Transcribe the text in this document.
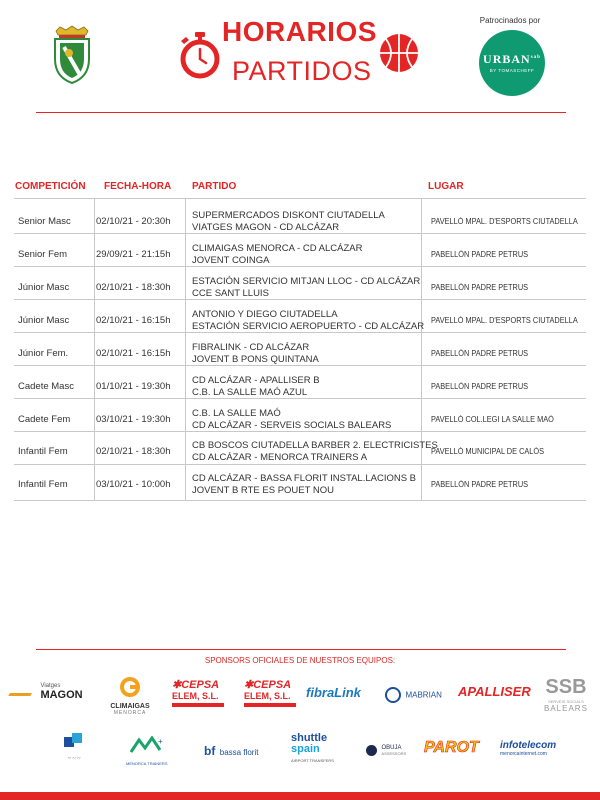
HORARIOS
PARTIDOS
Patrocinados por
$URBAN^{sab}$
BY TOMASCHEFF
COMPETICIÓN FECHA-HORA PARTIDO	LUGAR
Senior Masc	02/10/21 - 20:30h
SUPERMERCADOS DISKONT CIUTADELLA
VIATGES MAGON - CD ALCÁZAR
PAVELLÓ MPAL. D'ESPORTS CIUTADELLA
Senior Fem	29/09/21 - 21:15h
CLIMAIGAS MENORCA - CD ALCÁZAR
JOVENT COINGA
PABELLÓN PADRE PETRUS
Júnior Masc	02/10/21 - 18:30h
ESTACIÓN SERVICIO MITJAN LLOC - CD ALCÁZAR
CCE SANT LLUIS
PABELLÓN PADRE PETRUS
Júnior Masc	02/10/21 - 16:15h
ANTONIO Y DIEGO CIUTADELLA
ESTACIÓN SERVICIO AEROPUERTO - CD ALCÁZAR
PAVELLÓ MPAL. D'ESPORTS CIUTADELLA
Júnior Fem.	02/10/21 - 16:15h
FIBRALINK - CD ALCÁZAR
JOVENT B PONS QUINTANA
PABELLÓN PADRE PETRUS
Cadete Masc 01/10/21 - 19:30h
CD ALCÁZAR - APALLISER B
C.B. LA SALLE MAÓ AZUL
PABELLÓN PADRE PETRUS
Cadete Fem	03/10/21 - 19:30h
C.B. LA SALLE MAÓ
CD ALCÁZAR - SERVEIS SOCIALS BALEARS
PAVELLÓ COL.LEGI LA SALLE MAÓ
Infantil Fem	02/10/21 - 18:30h
CB BOSCOS CIUTADELLA BARBER 2. ELECTRICISTES
CD ALCÁZAR - MENORCA TRAINERS A
PAVELLÓ MUNICIPAL DE CALÓS
Infantil Fem	03/10/21 - 10:00h
CD ALCÁZAR - BASSA FLORIT INSTAL.LACIONS B
JOVENT B RTE ES POUET NOU
PABELLÓN PADRE PETRUS
SPONSORS OFICIALES DE NUESTROS EQUIPOS:

Viatges
MAGON
CLIMAIGAS
MENORCA
✱CEPSA
ELEM, S.L.
✱CEPSA
ELEM, S.L.	fibraLink	MABRIAN APALLISER SSB
SERVEIS SOCIALS
BALEARS
~ ~ ~
+
MENORCA TRAINERS
bf bassa florit
shuttle
spain
AIRPORT TRANSFERS

OBUJA
ASSESSORS PAROT infotelecom
menorcainternet.com
